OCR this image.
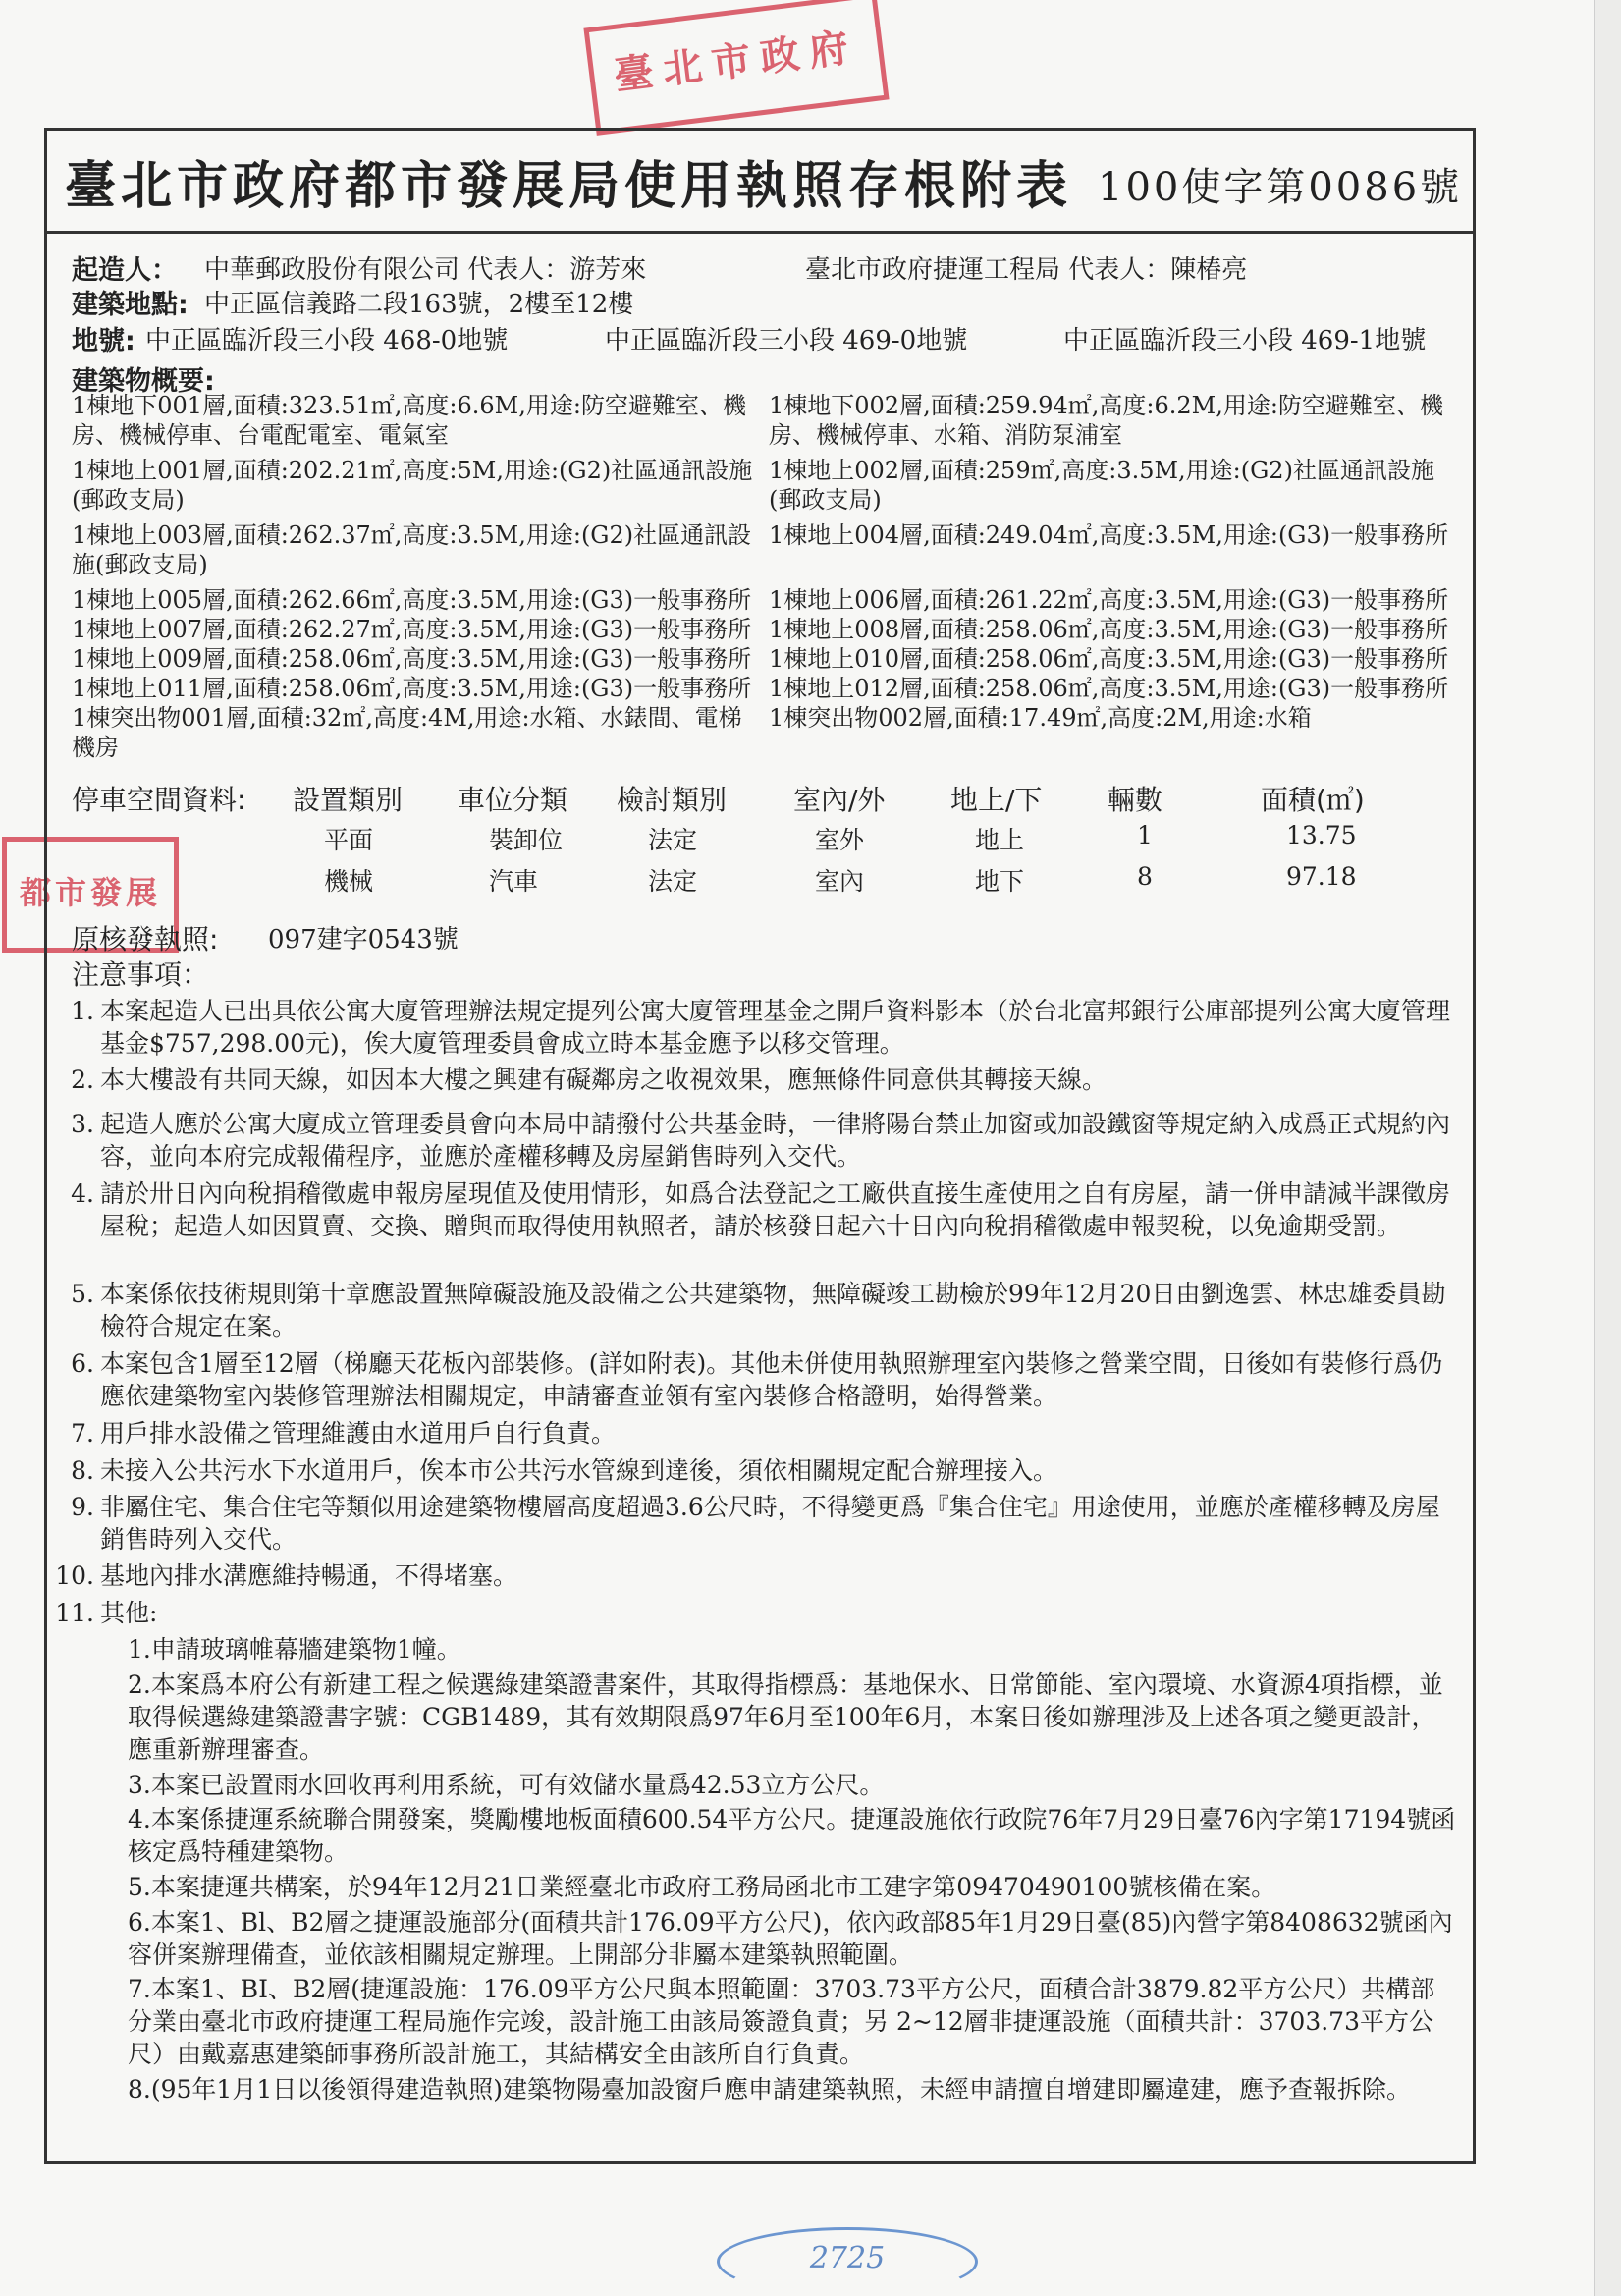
臺北市政府
都市發展
2725
臺北市政府都市發展局使用執照存根附表 100使字第0086號
起造人： 中華郵政股份有限公司 代表人：游芳來	臺北市政府捷運工程局 代表人：陳椿亮
建築地點: 中正區信義路二段163號，2樓至12樓
地號: 中正區臨沂段三小段 468-0地號	中正區臨沂段三小段 469-0地號	中正區臨沂段三小段 469-1地號
建築物概要:
1棟地下001層,面積:323.51㎡,高度:6.6M,用途:防空避難室、機房、機械停車、台電配電室、電氣室
1棟地下002層,面積:259.94㎡,高度:6.2M,用途:防空避難室、機房、機械停車、水箱、消防泵浦室
1棟地上001層,面積:202.21㎡,高度:5M,用途:(G2)社區通訊設施(郵政支局)
1棟地上002層,面積:259㎡,高度:3.5M,用途:(G2)社區通訊設施(郵政支局)
1棟地上003層,面積:262.37㎡,高度:3.5M,用途:(G2)社區通訊設施(郵政支局)
1棟地上004層,面積:249.04㎡,高度:3.5M,用途:(G3)一般事務所
1棟地上005層,面積:262.66㎡,高度:3.5M,用途:(G3)一般事務所 1棟地上006層,面積:261.22㎡,高度:3.5M,用途:(G3)一般事務所
1棟地上007層,面積:262.27㎡,高度:3.5M,用途:(G3)一般事務所 1棟地上008層,面積:258.06㎡,高度:3.5M,用途:(G3)一般事務所
1棟地上009層,面積:258.06㎡,高度:3.5M,用途:(G3)一般事務所 1棟地上010層,面積:258.06㎡,高度:3.5M,用途:(G3)一般事務所
1棟地上011層,面積:258.06㎡,高度:3.5M,用途:(G3)一般事務所 1棟地上012層,面積:258.06㎡,高度:3.5M,用途:(G3)一般事務所
1棟突出物001層,面積:32㎡,高度:4M,用途:水箱、水錶間、電梯機房
1棟突出物002層,面積:17.49㎡,高度:2M,用途:水箱
停車空間資料: 設置類別 車位分類 檢討類別 室內/外 地上/下 輛數	面積(㎡)
平面	裝卸位	法定	室外	地上	1	13.75
機械	汽車	法定	室內	地下	8	97.18
原核發執照: 097建字0543號
注意事項：
1. 本案起造人已出具依公寓大廈管理辦法規定提列公寓大廈管理基金之開戶資料影本（於台北富邦銀行公庫部提列公寓大廈管理基金$757,298.00元)，俟大廈管理委員會成立時本基金應予以移交管理。
2. 本大樓設有共同天線，如因本大樓之興建有礙鄰房之收視效果，應無條件同意供其轉接天線。
3. 起造人應於公寓大廈成立管理委員會向本局申請撥付公共基金時，一律將陽台禁止加窗或加設鐵窗等規定納入成爲正式規約內容，並向本府完成報備程序，並應於產權移轉及房屋銷售時列入交代。
4. 請於卅日內向稅捐稽徵處申報房屋現值及使用情形，如爲合法登記之工廠供直接生產使用之自有房屋，請一併申請減半課徵房屋稅；起造人如因買賣、交換、贈與而取得使用執照者，請於核發日起六十日內向稅捐稽徵處申報契稅，以免逾期受罰。
5. 本案係依技術規則第十章應設置無障礙設施及設備之公共建築物，無障礙竣工勘檢於99年12月20日由劉逸雲、林忠雄委員勘檢符合規定在案。
6. 本案包含1層至12層（梯廳天花板內部裝修。(詳如附表)。其他未併使用執照辦理室內裝修之營業空間，日後如有裝修行爲仍應依建築物室內裝修管理辦法相關規定，申請審查並領有室內裝修合格證明，始得營業。
7. 用戶排水設備之管理維護由水道用戶自行負責。
8. 未接入公共污水下水道用戶，俟本市公共污水管線到達後，須依相關規定配合辦理接入。
9. 非屬住宅、集合住宅等類似用途建築物樓層高度超過3.6公尺時，不得變更爲『集合住宅』用途使用，並應於產權移轉及房屋銷售時列入交代。
10. 基地內排水溝應維持暢通，不得堵塞。
11. 其他:
1.申請玻璃帷幕牆建築物1幢。
2.本案爲本府公有新建工程之候選綠建築證書案件，其取得指標爲：基地保水、日常節能、室內環境、水資源4項指標，並取得候選綠建築證書字號：CGB1489，其有效期限爲97年6月至100年6月，本案日後如辦理涉及上述各項之變更設計，應重新辦理審查。
3.本案已設置雨水回收再利用系統，可有效儲水量爲42.53立方公尺。
4.本案係捷運系統聯合開發案，獎勵樓地板面積600.54平方公尺。捷運設施依行政院76年7月29日臺76內字第17194號函核定爲特種建築物。
5.本案捷運共構案，於94年12月21日業經臺北市政府工務局函北市工建字第09470490100號核備在案。
6.本案1、Bl、B2層之捷運設施部分(面積共計176.09平方公尺)，依內政部85年1月29日臺(85)內營字第8408632號函內容併案辦理備查，並依該相關規定辦理。上開部分非屬本建築執照範圍。
7.本案1、BI、B2層(捷運設施：176.09平方公尺與本照範圍：3703.73平方公尺，面積合計3879.82平方公尺）共構部分業由臺北市政府捷運工程局施作完竣，設計施工由該局簽證負責；另 2~12層非捷運設施（面積共計：3703.73平方公尺）由戴嘉惠建築師事務所設計施工，其結構安全由該所自行負責。
8.(95年1月1日以後領得建造執照)建築物陽臺加設窗戶應申請建築執照，未經申請擅自增建即屬違建，應予查報拆除。
